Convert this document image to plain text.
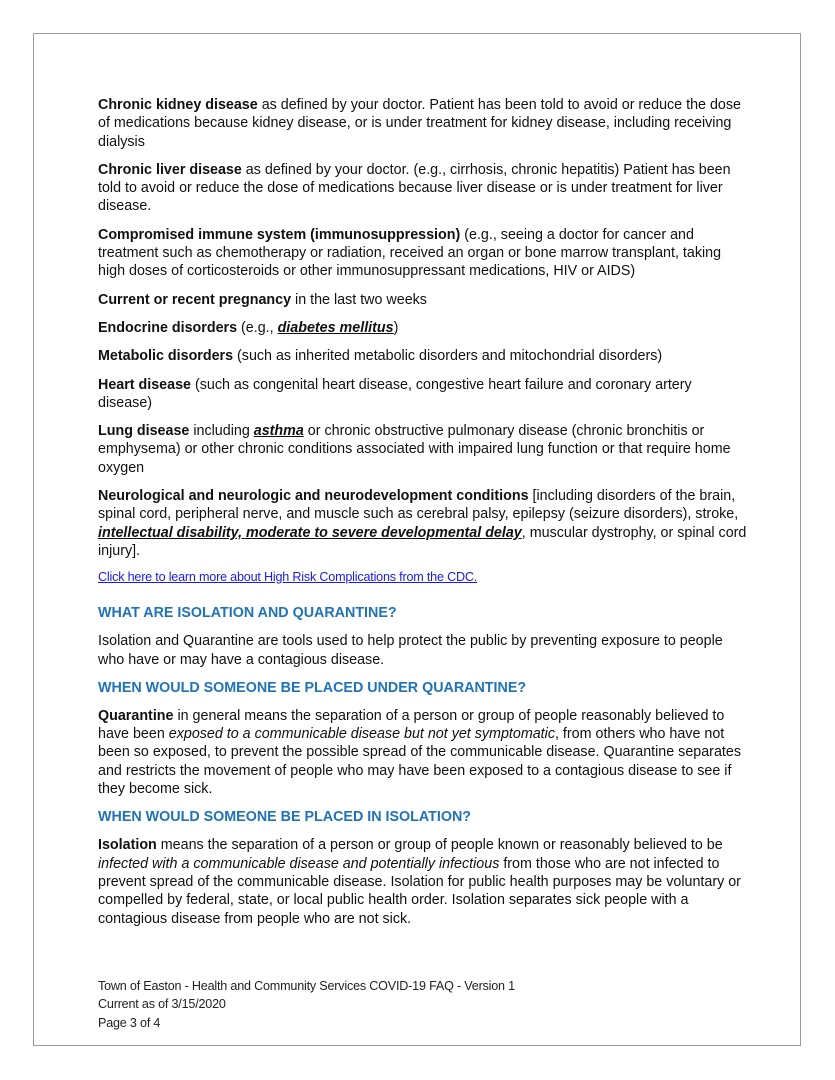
Chronic kidney disease as defined by your doctor. Patient has been told to avoid or reduce the dose of medications because kidney disease, or is under treatment for kidney disease, including receiving dialysis

Chronic liver disease as defined by your doctor. (e.g., cirrhosis, chronic hepatitis) Patient has been told to avoid or reduce the dose of medications because liver disease or is under treatment for liver disease.

Compromised immune system (immunosuppression) (e.g., seeing a doctor for cancer and treatment such as chemotherapy or radiation, received an organ or bone marrow transplant, taking high doses of corticosteroids or other immunosuppressant medications, HIV or AIDS)

Current or recent pregnancy in the last two weeks

Endocrine disorders (e.g., diabetes mellitus)

Metabolic disorders (such as inherited metabolic disorders and mitochondrial disorders)

Heart disease (such as congenital heart disease, congestive heart failure and coronary artery disease)

Lung disease including asthma or chronic obstructive pulmonary disease (chronic bronchitis or emphysema) or other chronic conditions associated with impaired lung function or that require home oxygen

Neurological and neurologic and neurodevelopment conditions [including disorders of the brain, spinal cord, peripheral nerve, and muscle such as cerebral palsy, epilepsy (seizure disorders), stroke, intellectual disability, moderate to severe developmental delay, muscular dystrophy, or spinal cord injury].

Click here to learn more about High Risk Complications from the CDC.
WHAT ARE ISOLATION AND QUARANTINE?

Isolation and Quarantine are tools used to help protect the public by preventing exposure to people who have or may have a contagious disease.

WHEN WOULD SOMEONE BE PLACED UNDER QUARANTINE?

Quarantine in general means the separation of a person or group of people reasonably believed to have been exposed to a communicable disease but not yet symptomatic, from others who have not been so exposed, to prevent the possible spread of the communicable disease. Quarantine separates and restricts the movement of people who may have been exposed to a contagious disease to see if they become sick.

WHEN WOULD SOMEONE BE PLACED IN ISOLATION?

Isolation means the separation of a person or group of people known or reasonably believed to be infected with a communicable disease and potentially infectious from those who are not infected to prevent spread of the communicable disease. Isolation for public health purposes may be voluntary or compelled by federal, state, or local public health order. Isolation separates sick people with a contagious disease from people who are not sick.

Town of Easton - Health and Community Services COVID-19 FAQ - Version 1
Current as of 3/15/2020
Page 3 of 4
